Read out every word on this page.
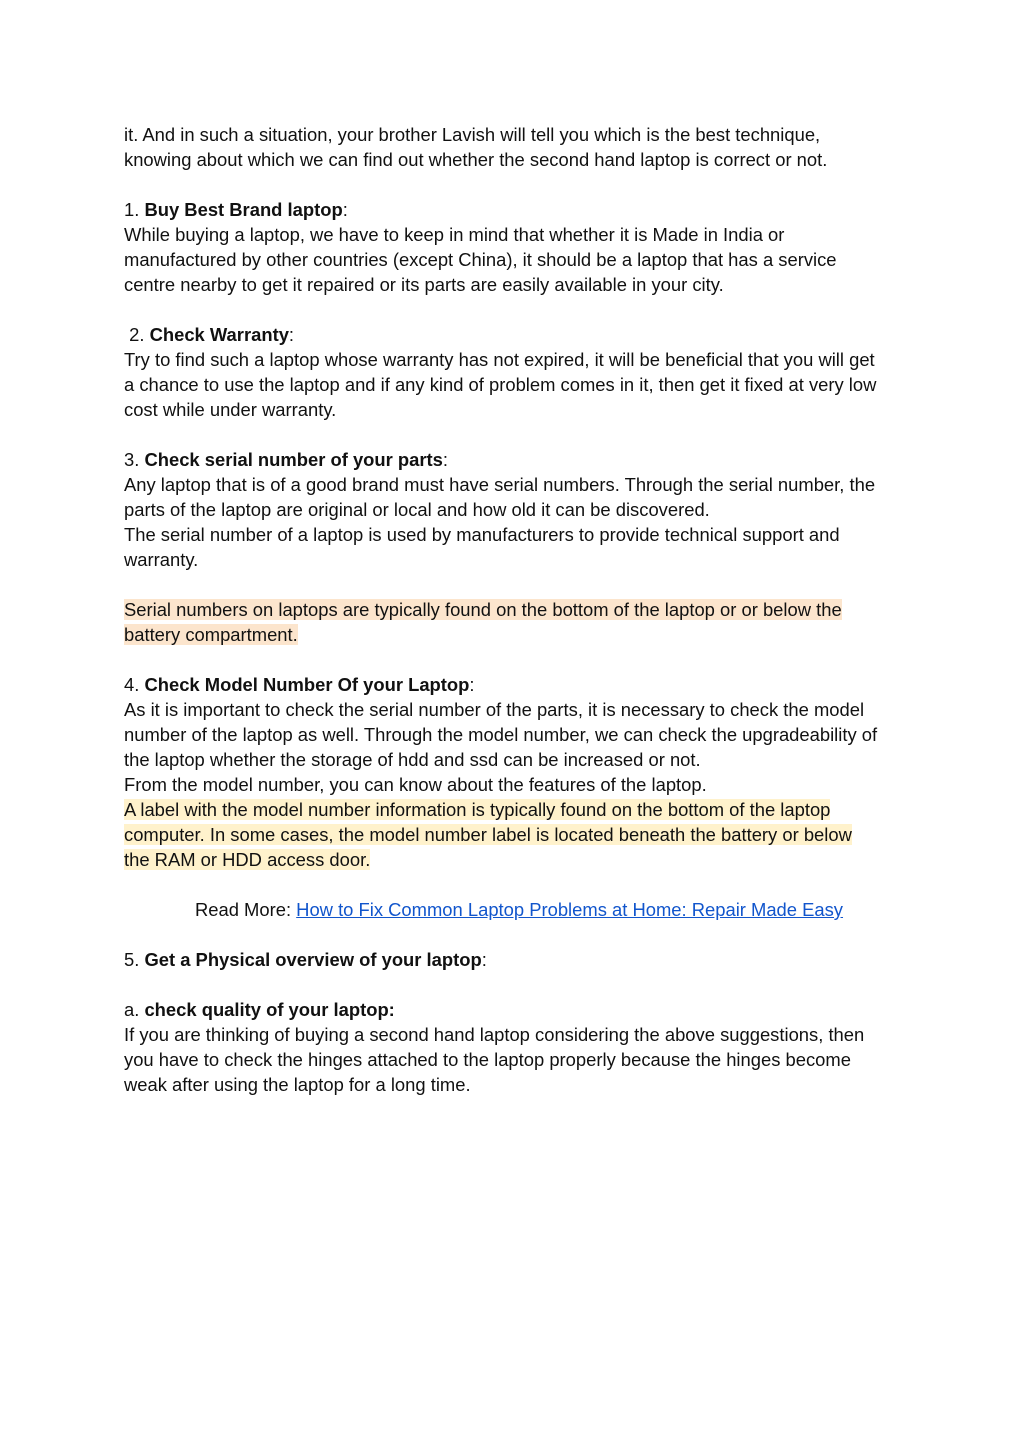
it. And in such a situation, your brother Lavish will tell you which is the best technique,

knowing about which we can find out whether the second hand laptop is correct or not.

1. Buy Best Brand laptop:

While buying a laptop, we have to keep in mind that whether it is Made in India or

manufactured by other countries (except China), it should be a laptop that has a service

centre nearby to get it repaired or its parts are easily available in your city.

2. Check Warranty:

Try to find such a laptop whose warranty has not expired, it will be beneficial that you will get

a chance to use the laptop and if any kind of problem comes in it, then get it fixed at very low

cost while under warranty.

3. Check serial number of your parts:

Any laptop that is of a good brand must have serial numbers. Through the serial number, the

parts of the laptop are original or local and how old it can be discovered.

The serial number of a laptop is used by manufacturers to provide technical support and

warranty.

Serial numbers on laptops are typically found on the bottom of the laptop or or below the

battery compartment.

4. Check Model Number Of your Laptop:

As it is important to check the serial number of the parts, it is necessary to check the model

number of the laptop as well. Through the model number, we can check the upgradeability of

the laptop whether the storage of hdd and ssd can be increased or not.

From the model number, you can know about the features of the laptop.

A label with the model number information is typically found on the bottom of the laptop

computer. In some cases, the model number label is located beneath the battery or below

the RAM or HDD access door.

Read More: How to Fix Common Laptop Problems at Home: Repair Made Easy

5. Get a Physical overview of your laptop:

a. check quality of your laptop:

If you are thinking of buying a second hand laptop considering the above suggestions, then

you have to check the hinges attached to the laptop properly because the hinges become

weak after using the laptop for a long time.
